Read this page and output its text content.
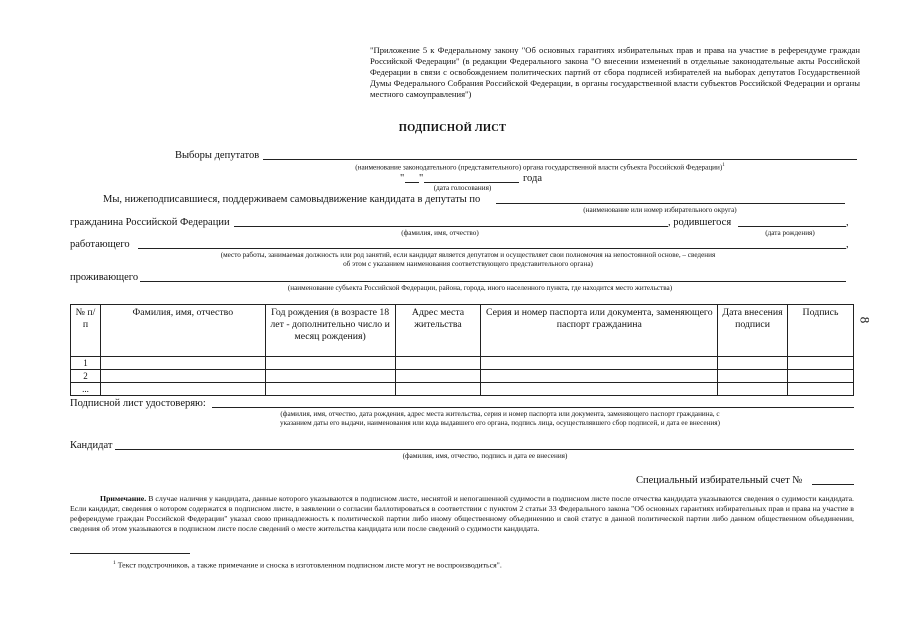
"Приложение 5 к Федеральному закону "Об основных гарантиях избирательных прав и права на участие в референдуме граждан Российской Федерации" (в редакции Федерального закона "О внесении изменений в отдельные законодательные акты Российской Федерации в связи с освобождением политических партий от сбора подписей избирателей на выборах депутатов Государственной Думы Федерального Собрания Российской Федерации, в органы государственной власти субъектов Российской Федерации и органы местного самоуправления")
ПОДПИСНОЙ ЛИСТ
Выборы депутатов
(наименование законодательного (представительного) органа государственной власти субъекта Российской Федерации)$^1$
" "	года
(дата голосования)
Мы, нижеподписавшиеся, поддерживаем самовыдвижение кандидата в депутаты по
(наименование или номер избирательного округа)
гражданина Российской Федерации	, родившегося	,
(фамилия, имя, отчество)	(дата рождения)
работающего	,
(место работы, занимаемая должность или род занятий, если кандидат является депутатом и осуществляет свои полномочия на непостоянной основе, – сведения об этом с указанием наименования соответствующего представительного органа)
проживающего
(наименование субъекта Российской Федерации, района, города, иного населенного пункта, где находится место жительства)
№ п/п	Фамилия, имя, отчество	Год рождения (в возрасте 18 лет - дополнительно число и месяц рождения)	Адрес места жительства	Серия и номер паспорта или документа, заменяющего паспорт гражданина	Дата внесения подписи	Подпись
1						
2						
...						
8
Подписной лист удостоверяю:
(фамилия, имя, отчество, дата рождения, адрес места жительства, серия и номер паспорта или документа, заменяющего паспорт гражданина, с указанием даты его выдачи, наименования или кода выдавшего его органа, подпись лица, осуществлявшего сбор подписей, и дата ее внесения)
Кандидат
(фамилия, имя, отчество, подпись и дата ее внесения)
Специальный избирательный счет №
Примечание. В случае наличия у кандидата, данные которого указываются в подписном листе, неснятой и непогашенной судимости в подписном листе после отчества кандидата указываются сведения о судимости кандидата. Если кандидат, сведения о котором содержатся в подписном листе, в заявлении о согласии баллотироваться в соответствии с пунктом 2 статьи 33 Федерального закона "Об основных гарантиях избирательных прав и права на участие в референдуме граждан Российской Федерации" указал свою принадлежность к политической партии либо иному общественному объединению и свой статус в данной политической партии либо данном общественном объединении, сведения об этом указываются в подписном листе после сведений о месте жительства кандидата или после сведений о судимости кандидата.
$^1$ Текст подстрочников, а также примечание и сноска в изготовленном подписном листе могут не воспроизводиться".
